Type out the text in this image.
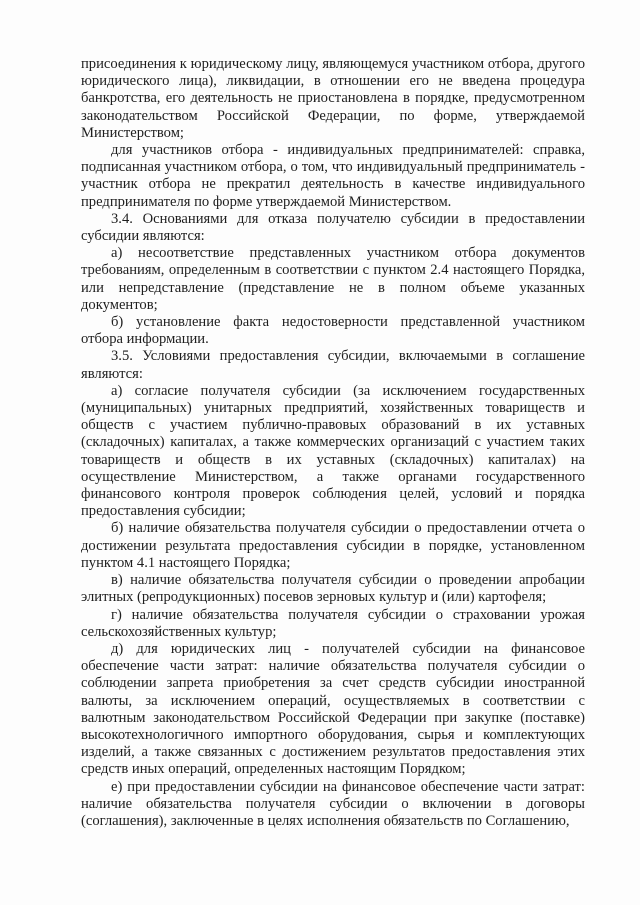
присоединения к юридическому лицу, являющемуся участником отбора, другого юридического лица), ликвидации, в отношении его не введена процедура банкротства, его деятельность не приостановлена в порядке, предусмотренном законодательством Российской Федерации, по форме, утверждаемой Министерством;

для участников отбора - индивидуальных предпринимателей: справка, подписанная участником отбора, о том, что индивидуальный предприниматель - участник отбора не прекратил деятельность в качестве индивидуального предпринимателя по форме утверждаемой Министерством.

3.4. Основаниями для отказа получателю субсидии в предоставлении субсидии являются:

а) несоответствие представленных участником отбора документов требованиям, определенным в соответствии с пунктом 2.4 настоящего Порядка, или непредставление (представление не в полном объеме указанных документов;

б) установление факта недостоверности представленной участником отбора информации.

3.5. Условиями предоставления субсидии, включаемыми в соглашение являются:

а) согласие получателя субсидии (за исключением государственных (муниципальных) унитарных предприятий, хозяйственных товариществ и обществ с участием публично-правовых образований в их уставных (складочных) капиталах, а также коммерческих организаций с участием таких товариществ и обществ в их уставных (складочных) капиталах) на осуществление Министерством, а также органами государственного финансового контроля проверок соблюдения целей, условий и порядка предоставления субсидии;

б) наличие обязательства получателя субсидии о предоставлении отчета о достижении результата предоставления субсидии в порядке, установленном пунктом 4.1 настоящего Порядка;

в) наличие обязательства получателя субсидии о проведении апробации элитных (репродукционных) посевов зерновых культур и (или) картофеля;

г) наличие обязательства получателя субсидии о страховании урожая сельскохозяйственных культур;

д) для юридических лиц - получателей субсидии на финансовое обеспечение части затрат: наличие обязательства получателя субсидии о соблюдении запрета приобретения за счет средств субсидии иностранной валюты, за исключением операций, осуществляемых в соответствии с валютным законодательством Российской Федерации при закупке (поставке) высокотехнологичного импортного оборудования, сырья и комплектующих изделий, а также связанных с достижением результатов предоставления этих средств иных операций, определенных настоящим Порядком;

е) при предоставлении субсидии на финансовое обеспечение части затрат: наличие обязательства получателя субсидии о включении в договоры (соглашения), заключенные в целях исполнения обязательств по Соглашению,
